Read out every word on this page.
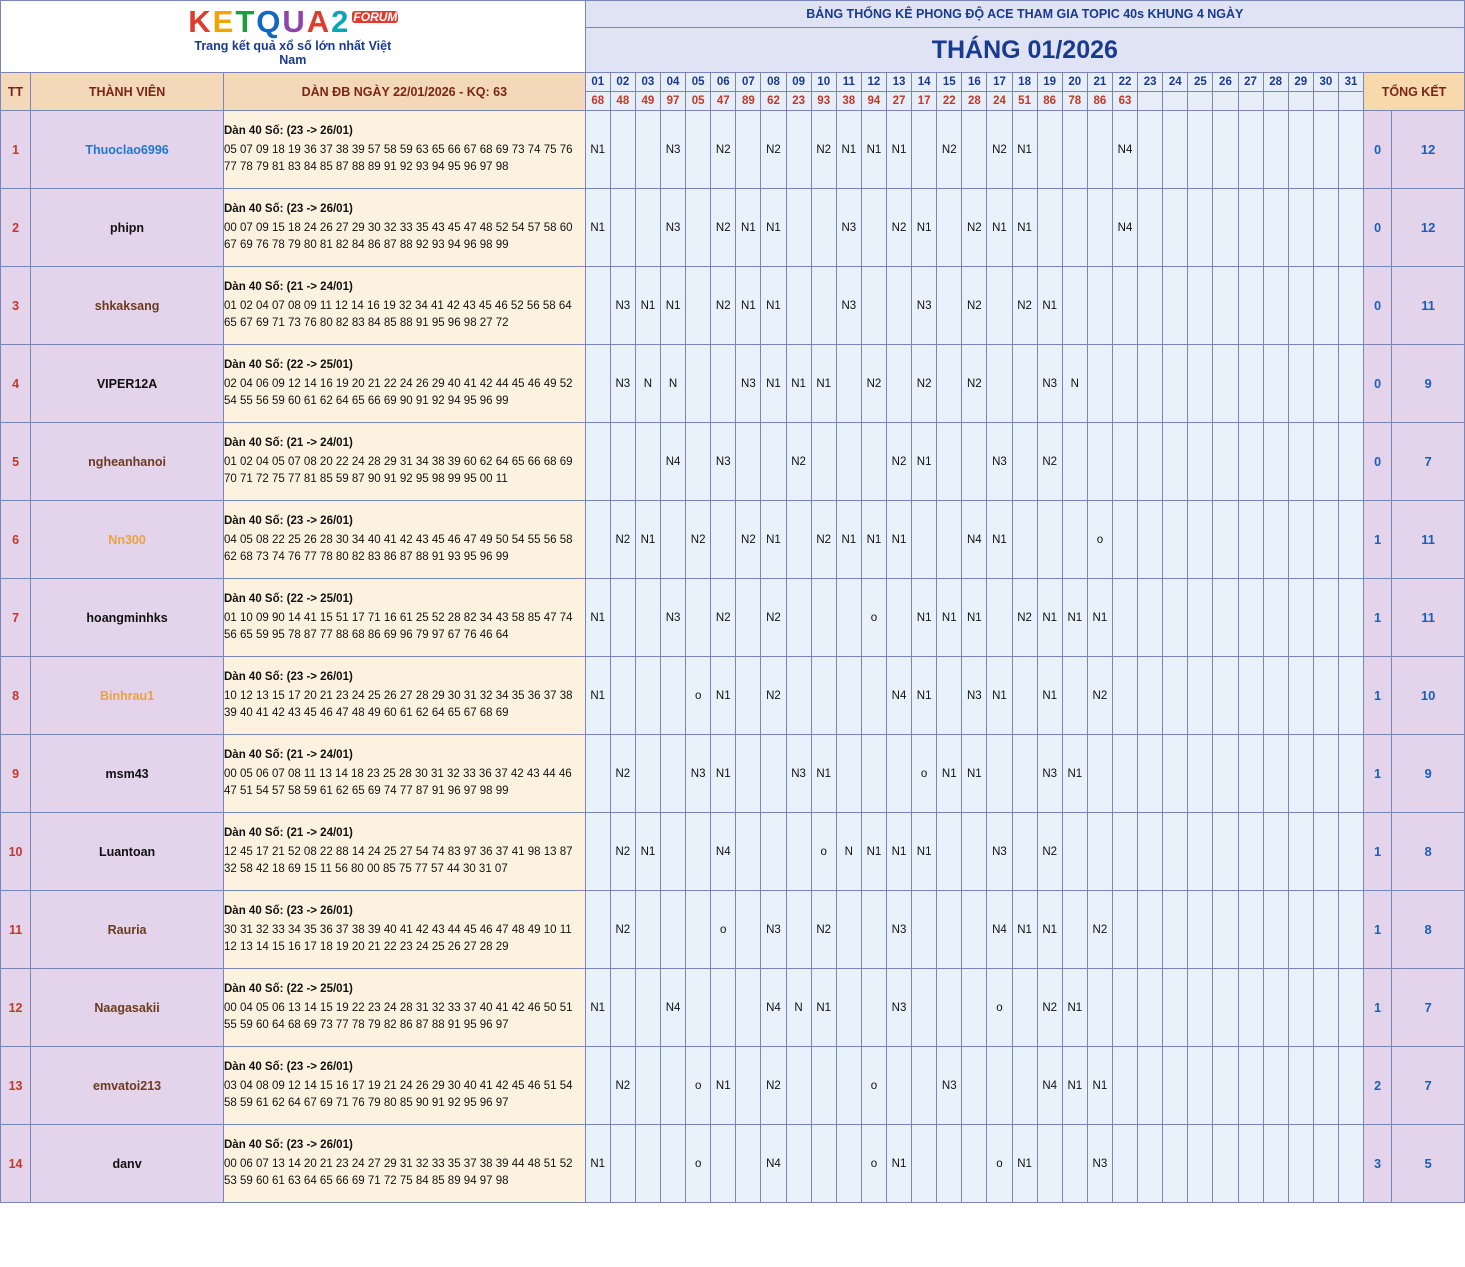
KETQUA2 FORUM
Trang kết quả xổ số lớn nhất Việt Nam			BẢNG THỐNG KÊ PHONG ĐỘ ACE THAM GIA TOPIC 40s KHUNG 4 NGÀY																																
			THÁNG 01/2026																																
TT	THÀNH VIÊN	DÀN ĐB NGÀY 22/01/2026 - KQ: 63	01	02	03	04	05	06	07	08	09	10	11	12	13	14	15	16	17	18	19	20	21	22	23	24	25	26	27	28	29	30	31	TỔNG KẾT	
			68	48	49	97	05	47	89	62	23	93	38	94	27	17	22	28	24	51	86	78	86	63											
1	Thuoclao6996	Dàn 40 Số: (23 -> 26/01)
05 07 09 18 19 36 37 38 39 57 58 59 63 65 66 67 68 69 73 74 75 76 77 78 79 81 83 84 85 87 88 89 91 92 93 94 95 96 97 98	N1			N3		N2		N2		N2	N1	N1	N1		N2		N2	N1				N4										0	12
2	phipn	Dàn 40 Số: (23 -> 26/01)
00 07 09 15 18 24 26 27 29 30 32 33 35 43 45 47 48 52 54 57 58 60 67 69 76 78 79 80 81 82 84 86 87 88 92 93 94 96 98 99	N1			N3		N2	N1	N1			N3		N2	N1		N2	N1	N1				N4										0	12
3	shkaksang	Dàn 40 Số: (21 -> 24/01)
01 02 04 07 08 09 11 12 14 16 19 32 34 41 42 43 45 46 52 56 58 64 65 67 69 71 73 76 80 82 83 84 85 88 91 95 96 98 27 72		N3	N1	N1		N2	N1	N1			N3			N3		N2		N2	N1													0	11
4	VIPER12A	Dàn 40 Số: (22 -> 25/01)
02 04 06 09 12 14 16 19 20 21 22 24 26 29 40 41 42 44 45 46 49 52 54 55 56 59 60 61 62 64 65 66 69 90 91 92 94 95 96 99		N3	N	N			N3	N1	N1	N1		N2		N2		N2			N3	N												0	9
5	ngheanhanoi	Dàn 40 Số: (21 -> 24/01)
01 02 04 05 07 08 20 22 24 28 29 31 34 38 39 60 62 64 65 66 68 69 70 71 72 75 77 81 85 59 87 90 91 92 95 98 99 95 00 11				N4		N3			N2				N2	N1			N3		N2													0	7
6	Nn300	Dàn 40 Số: (23 -> 26/01)
04 05 08 22 25 26 28 30 34 40 41 42 43 45 46 47 49 50 54 55 56 58 62 68 73 74 76 77 78 80 82 83 86 87 88 91 93 95 96 99		N2	N1		N2		N2	N1		N2	N1	N1	N1			N4	N1				o											1	11
7	hoangminhks	Dàn 40 Số: (22 -> 25/01)
01 10 09 90 14 41 15 51 17 71 16 61 25 52 28 82 34 43 58 85 47 74 56 65 59 95 78 87 77 88 68 86 69 96 79 97 67 76 46 64	N1			N3		N2		N2				o		N1	N1	N1		N2	N1	N1	N1											1	11
8	Binhrau1	Dàn 40 Số: (23 -> 26/01)
10 12 13 15 17 20 21 23 24 25 26 27 28 29 30 31 32 34 35 36 37 38 39 40 41 42 43 45 46 47 48 49 60 61 62 64 65 67 68 69	N1				o	N1		N2					N4	N1		N3	N1		N1		N2											1	10
9	msm43	Dàn 40 Số: (21 -> 24/01)
00 05 06 07 08 11 13 14 18 23 25 28 30 31 32 33 36 37 42 43 44 46 47 51 54 57 58 59 61 62 65 69 74 77 87 91 96 97 98 99		N2			N3	N1			N3	N1				o	N1	N1			N3	N1												1	9
10	Luantoan	Dàn 40 Số: (21 -> 24/01)
12 45 17 21 52 08 22 88 14 24 25 27 54 74 83 97 36 37 41 98 13 87 32 58 42 18 69 15 11 56 80 00 85 75 77 57 44 30 31 07		N2	N1			N4				o	N	N1	N1	N1			N3		N2													1	8
11	Rauria	Dàn 40 Số: (23 -> 26/01)
30 31 32 33 34 35 36 37 38 39 40 41 42 43 44 45 46 47 48 49 10 11 12 13 14 15 16 17 18 19 20 21 22 23 24 25 26 27 28 29		N2				o		N3		N2			N3				N4	N1	N1		N2											1	8
12	Naagasakii	Dàn 40 Số: (22 -> 25/01)
00 04 05 06 13 14 15 19 22 23 24 28 31 32 33 37 40 41 42 46 50 51 55 59 60 64 68 69 73 77 78 79 82 86 87 88 91 95 96 97	N1			N4				N4	N	N1			N3				o		N2	N1												1	7
13	emvatoi213	Dàn 40 Số: (23 -> 26/01)
03 04 08 09 12 14 15 16 17 19 21 24 26 29 30 40 41 42 45 46 51 54 58 59 61 62 64 67 69 71 76 79 80 85 90 91 92 95 96 97		N2			o	N1		N2				o			N3				N4	N1	N1											2	7
14	danv	Dàn 40 Số: (23 -> 26/01)
00 06 07 13 14 20 21 23 24 27 29 31 32 33 35 37 38 39 44 48 51 52 53 59 60 61 63 64 65 66 69 71 72 75 84 85 89 94 97 98	N1				o			N4				o	N1				o	N1			N3											3	5
